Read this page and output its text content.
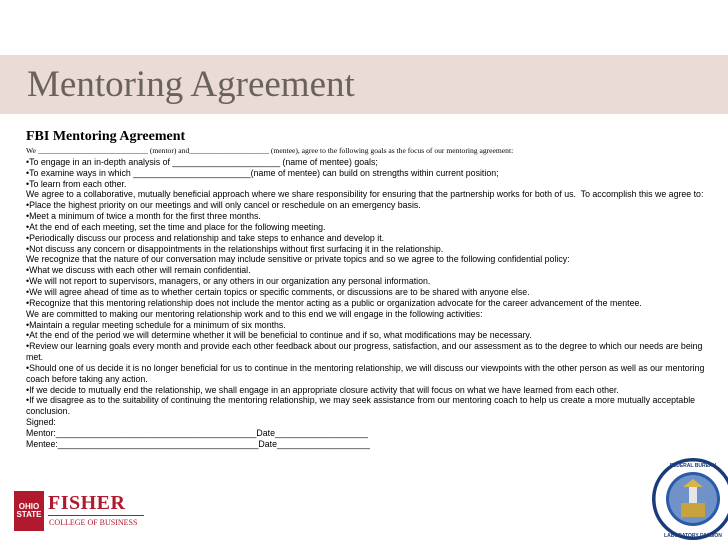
Mentoring Agreement
FBI Mentoring Agreement
We _____________________________ (mentor) and_____________________ (mentee), agree to the following goals as the focus of our mentoring agreement:
•To engage in an in-depth analysis of ______________________ (name of mentee) goals;
•To examine ways in which ________________________(name of mentee) can build on strengths within current position;
•To learn from each other.
We agree to a collaborative, mutually beneficial approach where we share responsibility for ensuring that the partnership works for both of us.  To accomplish this we agree to:
•Place the highest priority on our meetings and will only cancel or reschedule on an emergency basis.
•Meet a minimum of twice a month for the first three months.
•At the end of each meeting, set the time and place for the following meeting.
•Periodically discuss our process and relationship and take steps to enhance and develop it.
•Not discuss any concern or disappointments in the relationships without first surfacing it in the relationship.
We recognize that the nature of our conversation may include sensitive or private topics and so we agree to the following confidential policy:
•What we discuss with each other will remain confidential.
•We will not report to supervisors, managers, or any others in our organization any personal information.
•We will agree ahead of time as to whether certain topics or specific comments, or discussions are to be shared with anyone else.
•Recognize that this mentoring relationship does not include the mentor acting as a public or organization advocate for the career advancement of the mentee.
We are committed to making our mentoring relationship work and to this end we will engage in the following activities:
•Maintain a regular meeting schedule for a minimum of six months.
•At the end of the period we will determine whether it will be beneficial to continue and if so, what modifications may be necessary.
•Review our learning goals every month and provide each other feedback about our progress, satisfaction, and our assessment as to the degree to which our needs are being met.
•Should one of us decide it is no longer beneficial for us to continue in the mentoring relationship, we will discuss our viewpoints with the other person as well as our mentoring coach before taking any action.
•If we decide to mutually end the relationship, we shall engage in an appropriate closure activity that will focus on what we have learned from each other.
•If we disagree as to the suitability of continuing the mentoring relationship, we may seek assistance from our mentoring coach to help us create a more mutually acceptable conclusion.
Signed:
Mentor:_________________________________________Date___________________
Mentee:_________________________________________Date___________________
OHIO
STATE
FISHER
COLLEGE OF BUSINESS
FEDERAL BUREAU
LABORATORY DIVISION
